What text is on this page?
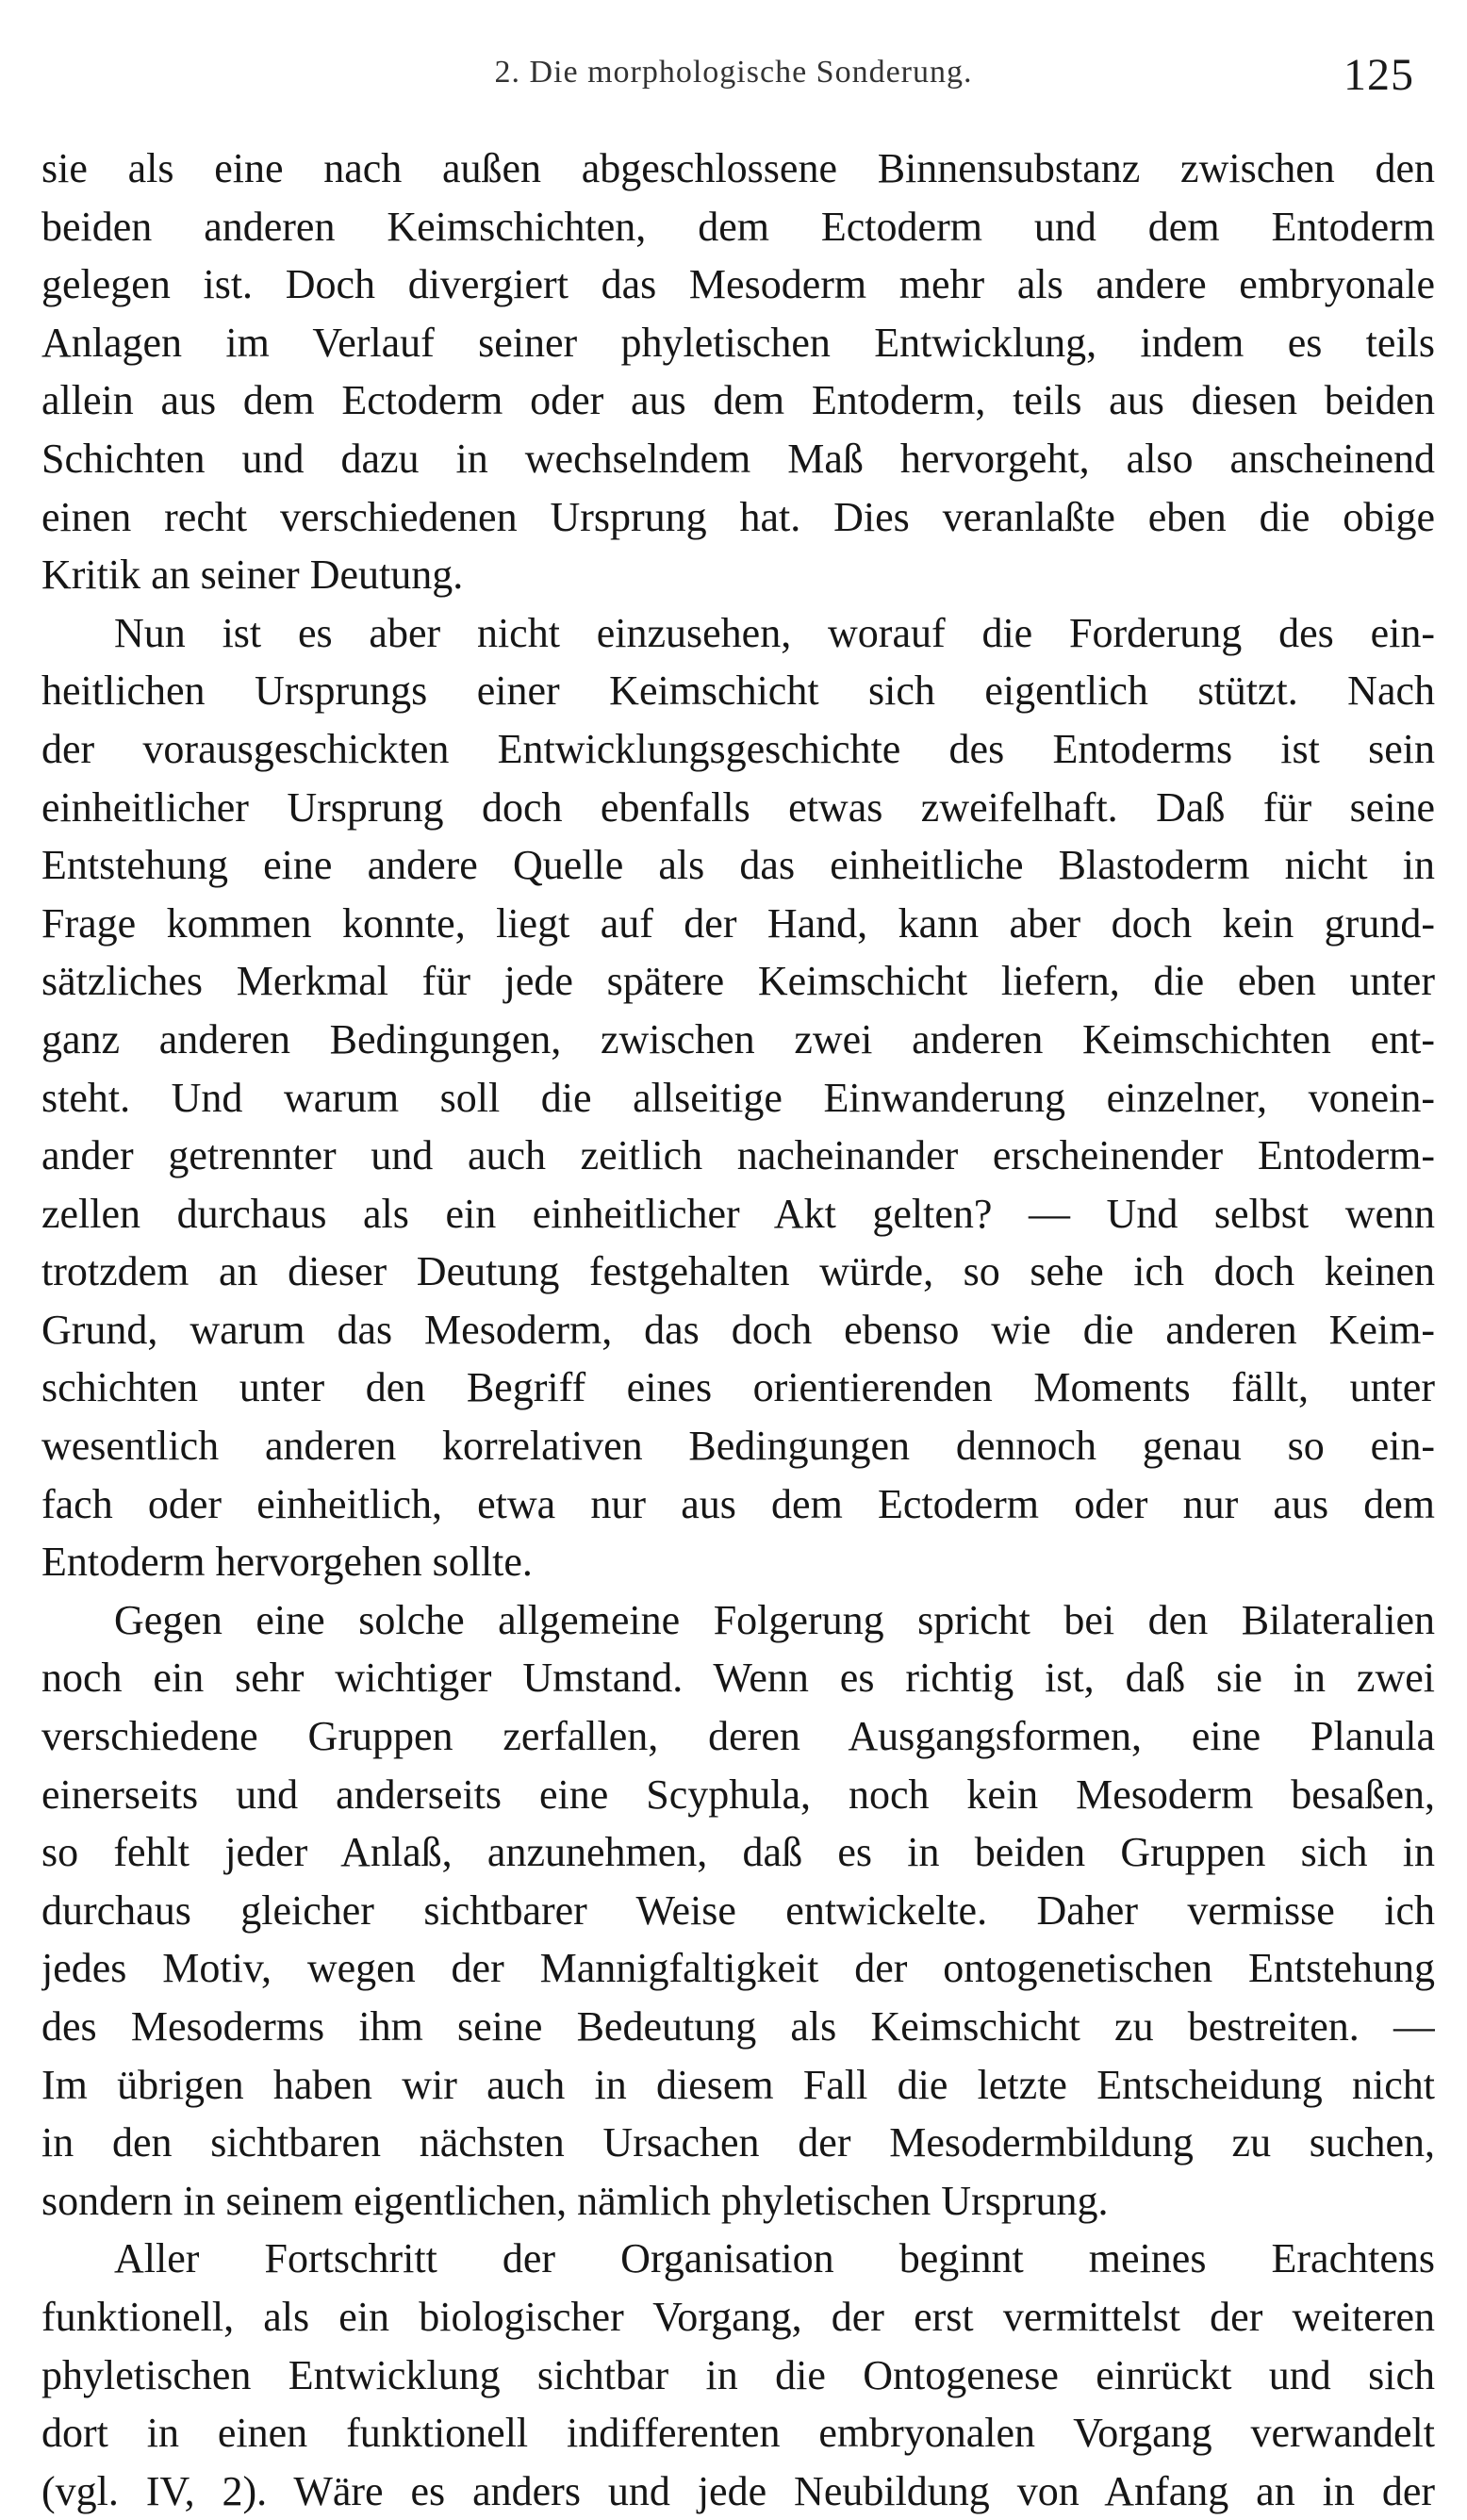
2. Die morphologische Sonderung.	125
sie als eine nach außen abgeschlossene Binnensubstanz zwischen den
beiden anderen Keimschichten, dem Ectoderm und dem Entoderm
gelegen ist. Doch divergiert das Mesoderm mehr als andere embryonale
Anlagen im Verlauf seiner phyletischen Entwicklung, indem es teils
allein aus dem Ectoderm oder aus dem Entoderm, teils aus diesen beiden
Schichten und dazu in wechselndem Maß hervorgeht, also anscheinend
einen recht verschiedenen Ursprung hat. Dies veranlaßte eben die obige
Kritik an seiner Deutung.
Nun ist es aber nicht einzusehen, worauf die Forderung des ein-
heitlichen Ursprungs einer Keimschicht sich eigentlich stützt. Nach
der vorausgeschickten Entwicklungsgeschichte des Entoderms ist sein
einheitlicher Ursprung doch ebenfalls etwas zweifelhaft. Daß für seine
Entstehung eine andere Quelle als das einheitliche Blastoderm nicht in
Frage kommen konnte, liegt auf der Hand, kann aber doch kein grund-
sätzliches Merkmal für jede spätere Keimschicht liefern, die eben unter
ganz anderen Bedingungen, zwischen zwei anderen Keimschichten ent-
steht. Und warum soll die allseitige Einwanderung einzelner, vonein-
ander getrennter und auch zeitlich nacheinander erscheinender Entoderm-
zellen durchaus als ein einheitlicher Akt gelten? — Und selbst wenn
trotzdem an dieser Deutung festgehalten würde, so sehe ich doch keinen
Grund, warum das Mesoderm, das doch ebenso wie die anderen Keim-
schichten unter den Begriff eines orientierenden Moments fällt, unter
wesentlich anderen korrelativen Bedingungen dennoch genau so ein-
fach oder einheitlich, etwa nur aus dem Ectoderm oder nur aus dem
Entoderm hervorgehen sollte.
Gegen eine solche allgemeine Folgerung spricht bei den Bilateralien
noch ein sehr wichtiger Umstand. Wenn es richtig ist, daß sie in zwei
verschiedene Gruppen zerfallen, deren Ausgangsformen, eine Planula
einerseits und anderseits eine Scyphula, noch kein Mesoderm besaßen,
so fehlt jeder Anlaß, anzunehmen, daß es in beiden Gruppen sich in
durchaus gleicher sichtbarer Weise entwickelte. Daher vermisse ich
jedes Motiv, wegen der Mannigfaltigkeit der ontogenetischen Entstehung
des Mesoderms ihm seine Bedeutung als Keimschicht zu bestreiten. —
Im übrigen haben wir auch in diesem Fall die letzte Entscheidung nicht
in den sichtbaren nächsten Ursachen der Mesodermbildung zu suchen,
sondern in seinem eigentlichen, nämlich phyletischen Ursprung.
Aller Fortschritt der Organisation beginnt meines Erachtens
funktionell, als ein biologischer Vorgang, der erst vermittelst der weiteren
phyletischen Entwicklung sichtbar in die Ontogenese einrückt und sich
dort in einen funktionell indifferenten embryonalen Vorgang verwandelt
(vgl. IV, 2). Wäre es anders und jede Neubildung von Anfang an in der
